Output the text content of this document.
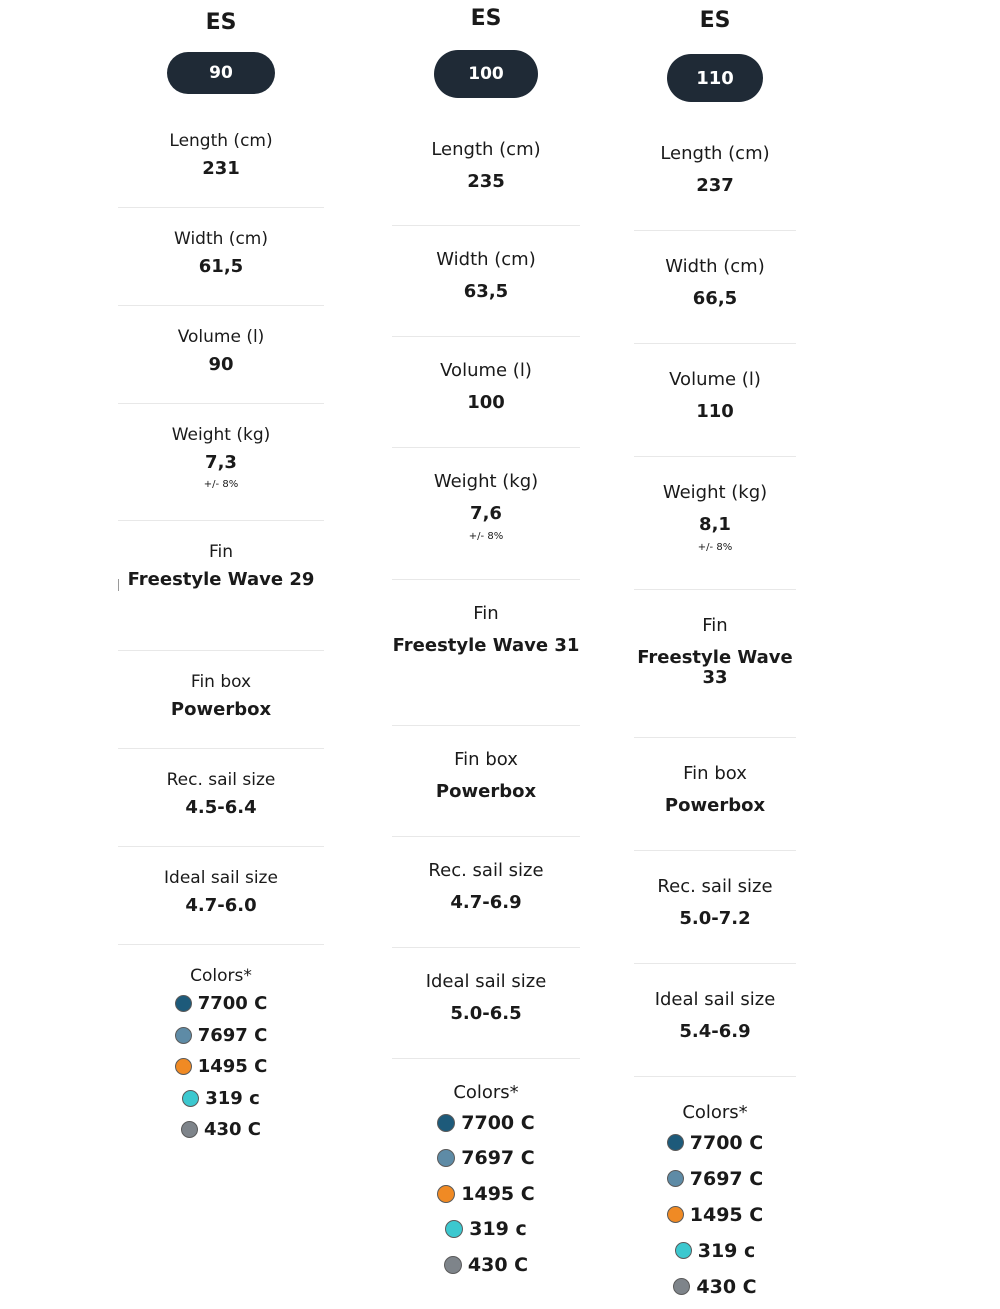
ES
90
Length (cm)
231
Width (cm)
61,5
Volume (l)
90
Weight (kg)
7,3
+/- 8%
Fin
Freestyle Wave 29
Fin box
Powerbox
Rec. sail size
4.5-6.4
Ideal sail size
4.7-6.0
Colors*
7700 C
7697 C
1495 C
319 c
430 C
ES
100
Length (cm)
235
Width (cm)
63,5
Volume (l)
100
Weight (kg)
7,6
+/- 8%
Fin
Freestyle Wave 31
Fin box
Powerbox
Rec. sail size
4.7-6.9
Ideal sail size
5.0-6.5
Colors*
7700 C
7697 C
1495 C
319 c
430 C
ES
110
Length (cm)
237
Width (cm)
66,5
Volume (l)
110
Weight (kg)
8,1
+/- 8%
Fin
Freestyle Wave 33
Fin box
Powerbox
Rec. sail size
5.0-7.2
Ideal sail size
5.4-6.9
Colors*
7700 C
7697 C
1495 C
319 c
430 C
